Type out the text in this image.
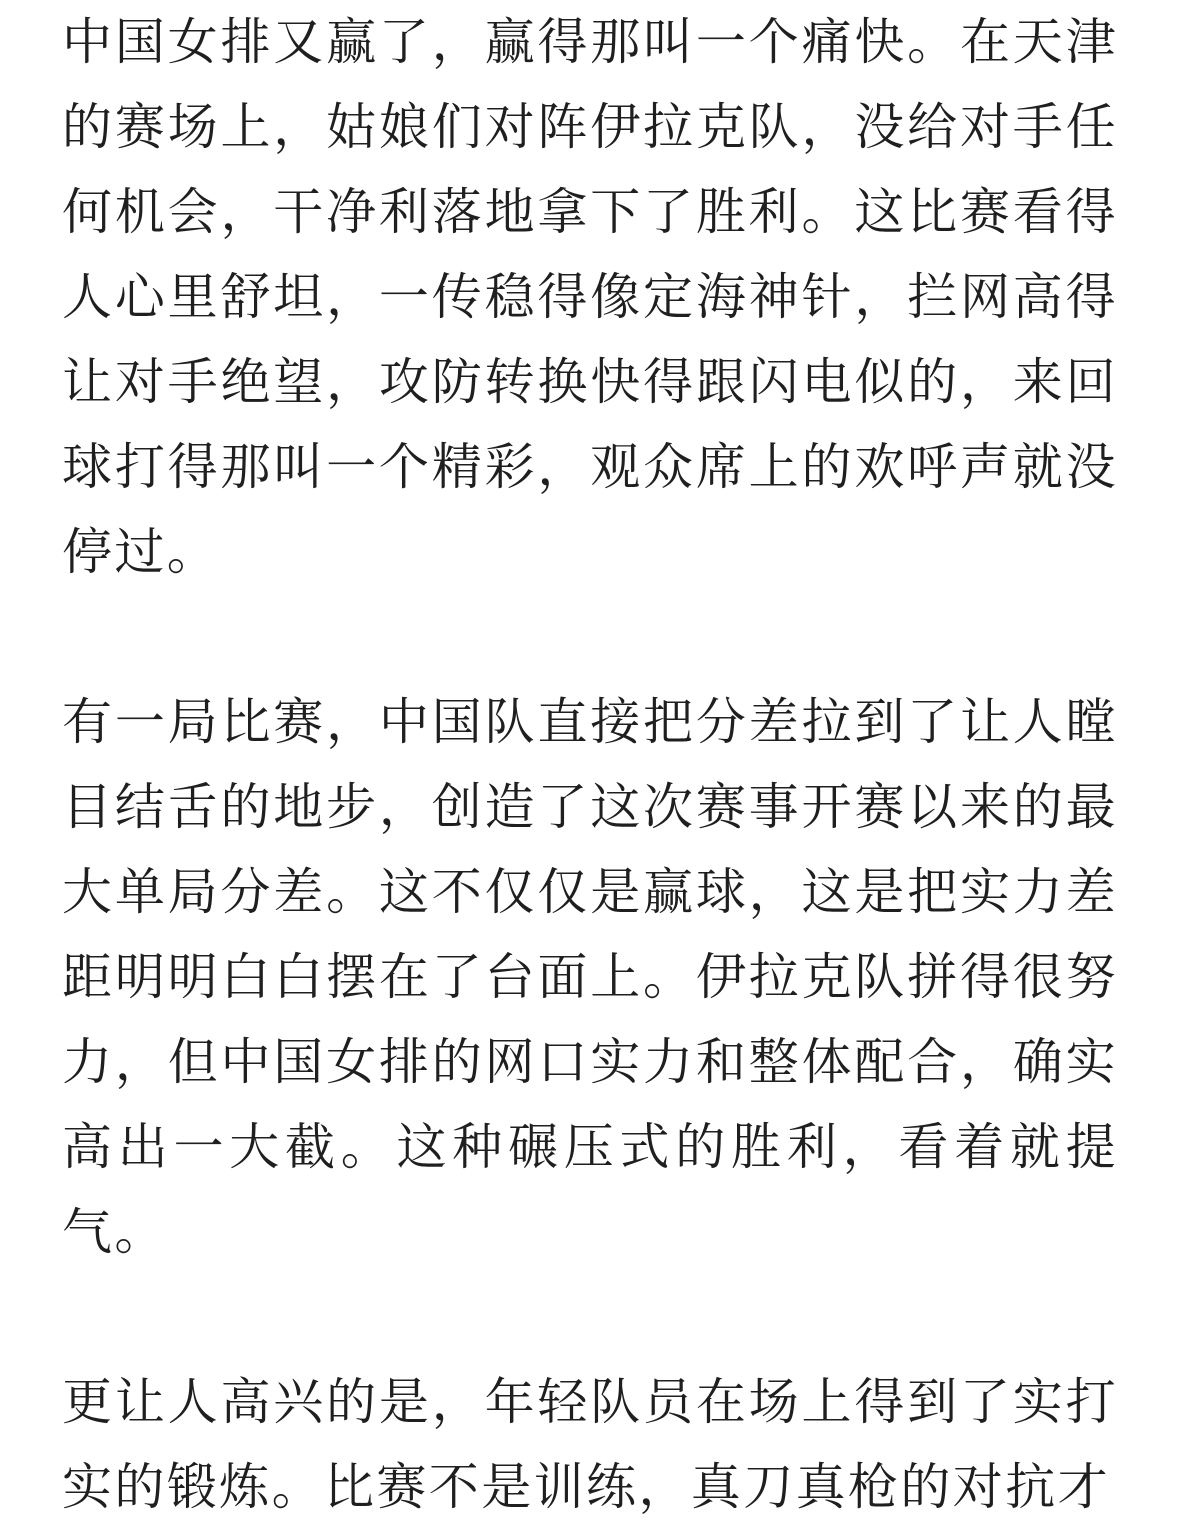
中国女排又赢了，赢得那叫一个痛快。在天津的赛场上，姑娘们对阵伊拉克队，没给对手任何机会，干净利落地拿下了胜利。这比赛看得人心里舒坦，一传稳得像定海神针，拦网高得让对手绝望，攻防转换快得跟闪电似的，来回球打得那叫一个精彩，观众席上的欢呼声就没停过。

有一局比赛，中国队直接把分差拉到了让人瞠目结舌的地步，创造了这次赛事开赛以来的最大单局分差。这不仅仅是赢球，这是把实力差距明明白白摆在了台面上。伊拉克队拼得很努力，但中国女排的网口实力和整体配合，确实高出一大截。这种碾压式的胜利，看着就提气。

更让人高兴的是，年轻队员在场上得到了实打实的锻炼。比赛不是训练，真刀真枪的对抗才
